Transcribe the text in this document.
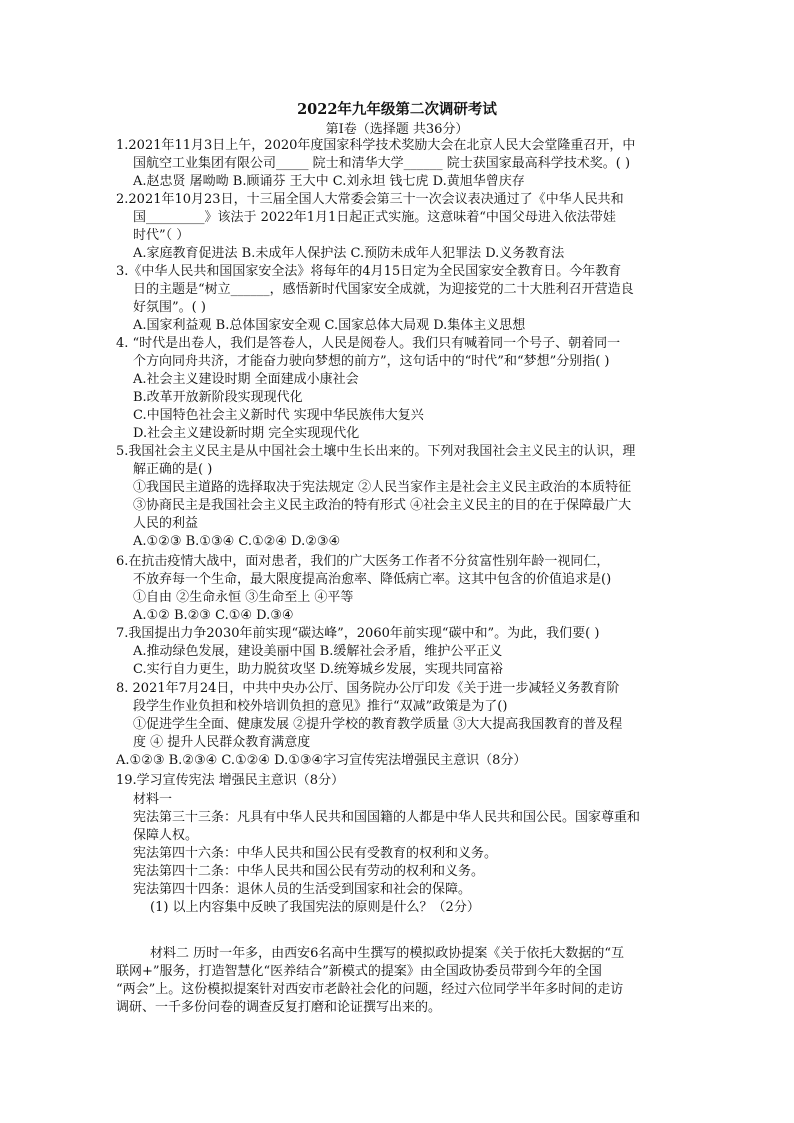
2022年九年级第二次调研考试
第Ⅰ卷（选择题 共36分）
1.2021年11月3日上午，2020年度国家科学技术奖励大会在北京人民大会堂隆重召开，中
国航空工业集团有限公司_____ 院士和清华大学______ 院士获国家最高科学技术奖。( )
A.赵忠贤 屠呦呦 B.顾诵芬 王大中 C.刘永坦 钱七虎 D.黄旭华曾庆存
2.2021年10月23日，十三届全国人大常委会第三十一次会议表决通过了《中华人民共和
国_________》该法于 2022年1月1日起正式实施。这意味着“中国父母进入依法带娃
时代”（ ）
A.家庭教育促进法 B.未成年人保护法 C.预防未成年人犯罪法 D.义务教育法
3.《中华人民共和国国家安全法》将每年的4月15日定为全民国家安全教育日。今年教育
日的主题是“树立______，感悟新时代国家安全成就，为迎接党的二十大胜利召开营造良
好氛围”。( )
A.国家利益观 B.总体国家安全观 C.国家总体大局观 D.集体主义思想
4. “时代是出卷人，我们是答卷人，人民是阅卷人。我们只有喊着同一个号子、朝着同一
个方向同舟共济，才能奋力驶向梦想的前方”，这句话中的“时代”和“梦想”分别指( )
A.社会主义建设时期 全面建成小康社会
B.改革开放新阶段实现现代化
C.中国特色社会主义新时代 实现中华民族伟大复兴
D.社会主义建设新时期 完全实现现代化
5.我国社会主义民主是从中国社会土壤中生长出来的。下列对我国社会主义民主的认识，理
解正确的是( )
①我国民主道路的选择取决于宪法规定 ②人民当家作主是社会主义民主政治的本质特征
③协商民主是我国社会主义民主政治的特有形式 ④社会主义民主的目的在于保障最广大
人民的利益
A.①②③ B.①③④ C.①②④ D.②③④
6.在抗击疫情大战中，面对患者，我们的广大医务工作者不分贫富性别年龄一视同仁，
不放弃每一个生命，最大限度提高治愈率、降低病亡率。这其中包含的价值追求是()
①自由 ②生命永恒 ③生命至上 ④平等
A.①② B.②③ C.①④ D.③④
7.我国提出力争2030年前实现“碳达峰”，2060年前实现“碳中和”。为此，我们要( )
A.推动绿色发展，建设美丽中国 B.缓解社会矛盾，维护公平正义
C.实行自力更生，助力脱贫攻坚 D.统筹城乡发展，实现共同富裕
8. 2021年7月24日，中共中央办公厅、国务院办公厅印发《关于进一步减轻义务教育阶
段学生作业负担和校外培训负担的意见》推行“双减”政策是为了()
①促进学生全面、健康发展 ②提升学校的教育教学质量 ③大大提高我国教育的普及程
度 ④ 提升人民群众教育满意度
A.①②③ B.②③④ C.①②④ D.①③④字习宣传宪法增强民主意识（8分）
19.学习宣传宪法 增强民主意识（8分）
材料一
宪法第三十三条：凡具有中华人民共和国国籍的人都是中华人民共和国公民。国家尊重和
保障人权。
宪法第四十六条：中华人民共和国公民有受教育的权利和义务。
宪法第四十二条：中华人民共和国公民有劳动的权利和义务。
宪法第四十四条：退休人员的生活受到国家和社会的保障。
(1) 以上内容集中反映了我国宪法的原则是什么？（2分）
材料二 历时一年多，由西安6名高中生撰写的模拟政协提案《关于依托大数据的“互
联网+”服务，打造智慧化“医养结合”新模式的提案》由全国政协委员带到今年的全国
“两会”上。这份模拟提案针对西安市老龄社会化的问题，经过六位同学半年多时间的走访
调研、一千多份问卷的调查反复打磨和论证撰写出来的。
